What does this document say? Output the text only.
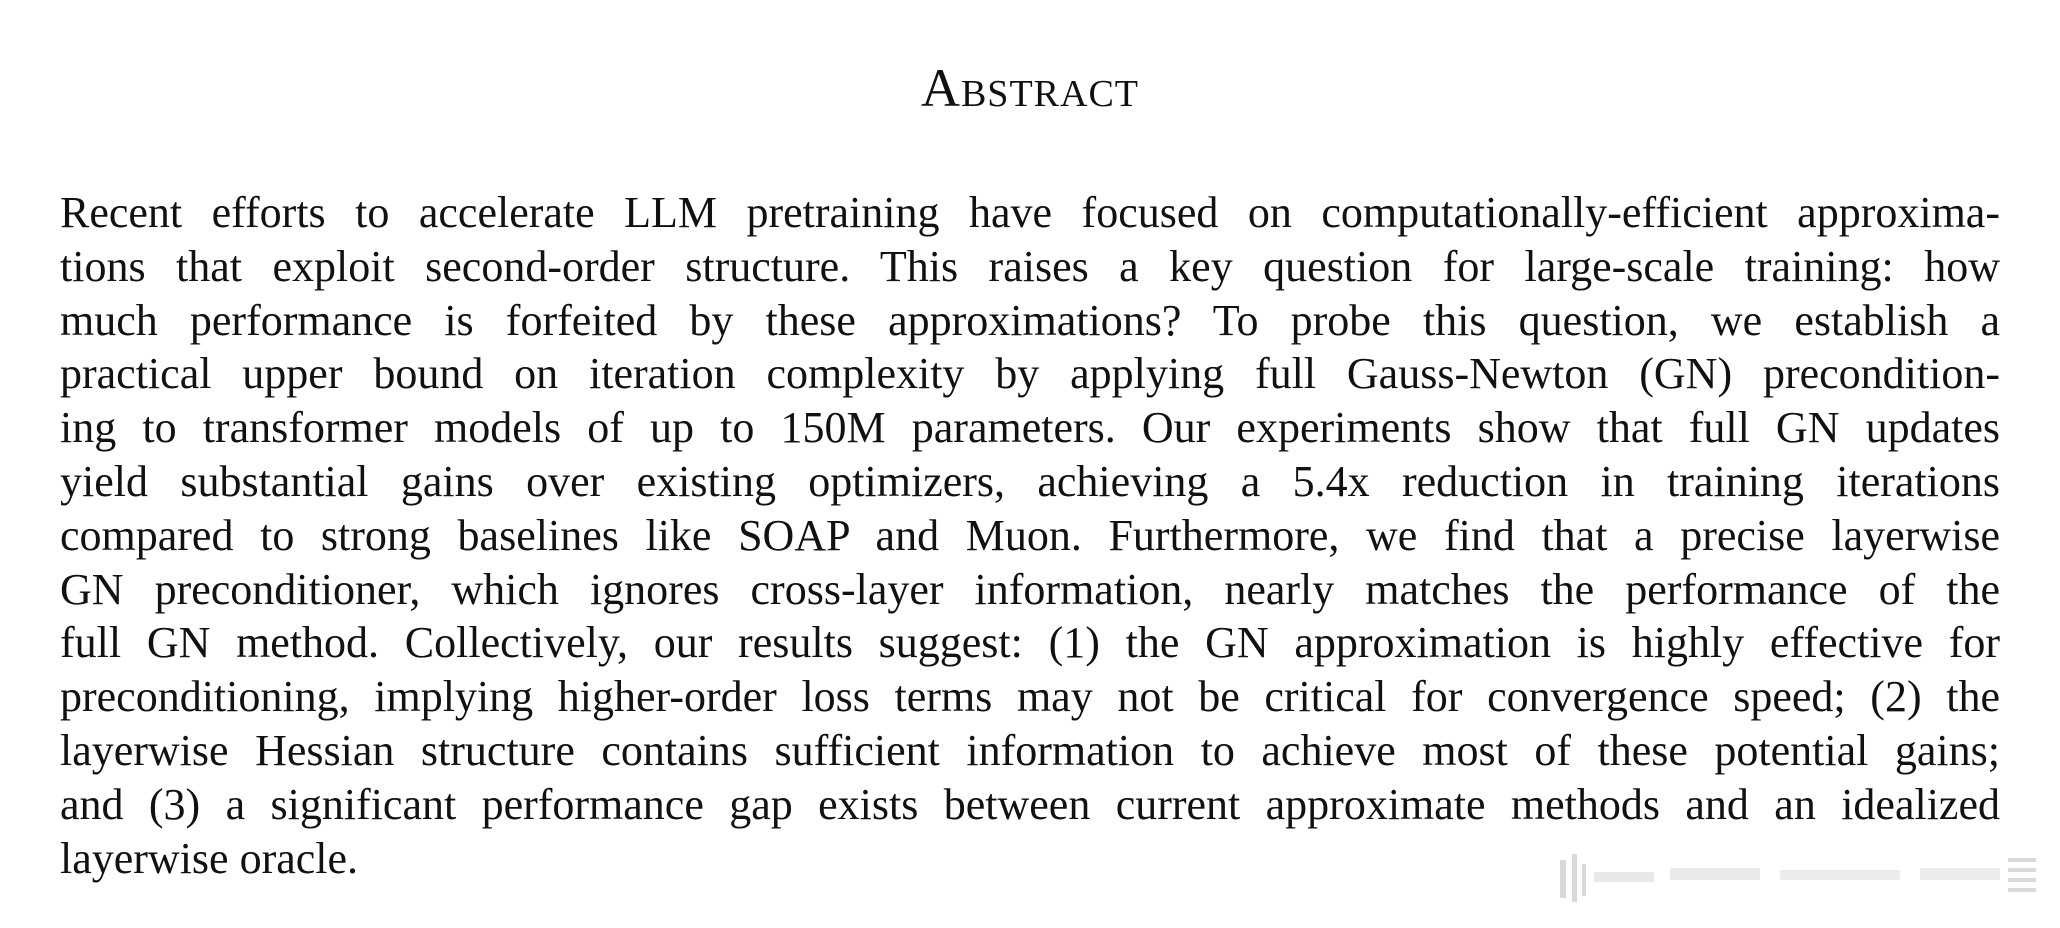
Abstract
Recent efforts to accelerate LLM pretraining have focused on computationally-efficient approxima-
tions that exploit second-order structure. This raises a key question for large-scale training: how
much performance is forfeited by these approximations? To probe this question, we establish a
practical upper bound on iteration complexity by applying full Gauss-Newton (GN) precondition-
ing to transformer models of up to 150M parameters. Our experiments show that full GN updates
yield substantial gains over existing optimizers, achieving a 5.4x reduction in training iterations
compared to strong baselines like SOAP and Muon. Furthermore, we find that a precise layerwise
GN preconditioner, which ignores cross-layer information, nearly matches the performance of the
full GN method. Collectively, our results suggest: (1) the GN approximation is highly effective for
preconditioning, implying higher-order loss terms may not be critical for convergence speed; (2) the
layerwise Hessian structure contains sufficient information to achieve most of these potential gains;
and (3) a significant performance gap exists between current approximate methods and an idealized
layerwise oracle.
